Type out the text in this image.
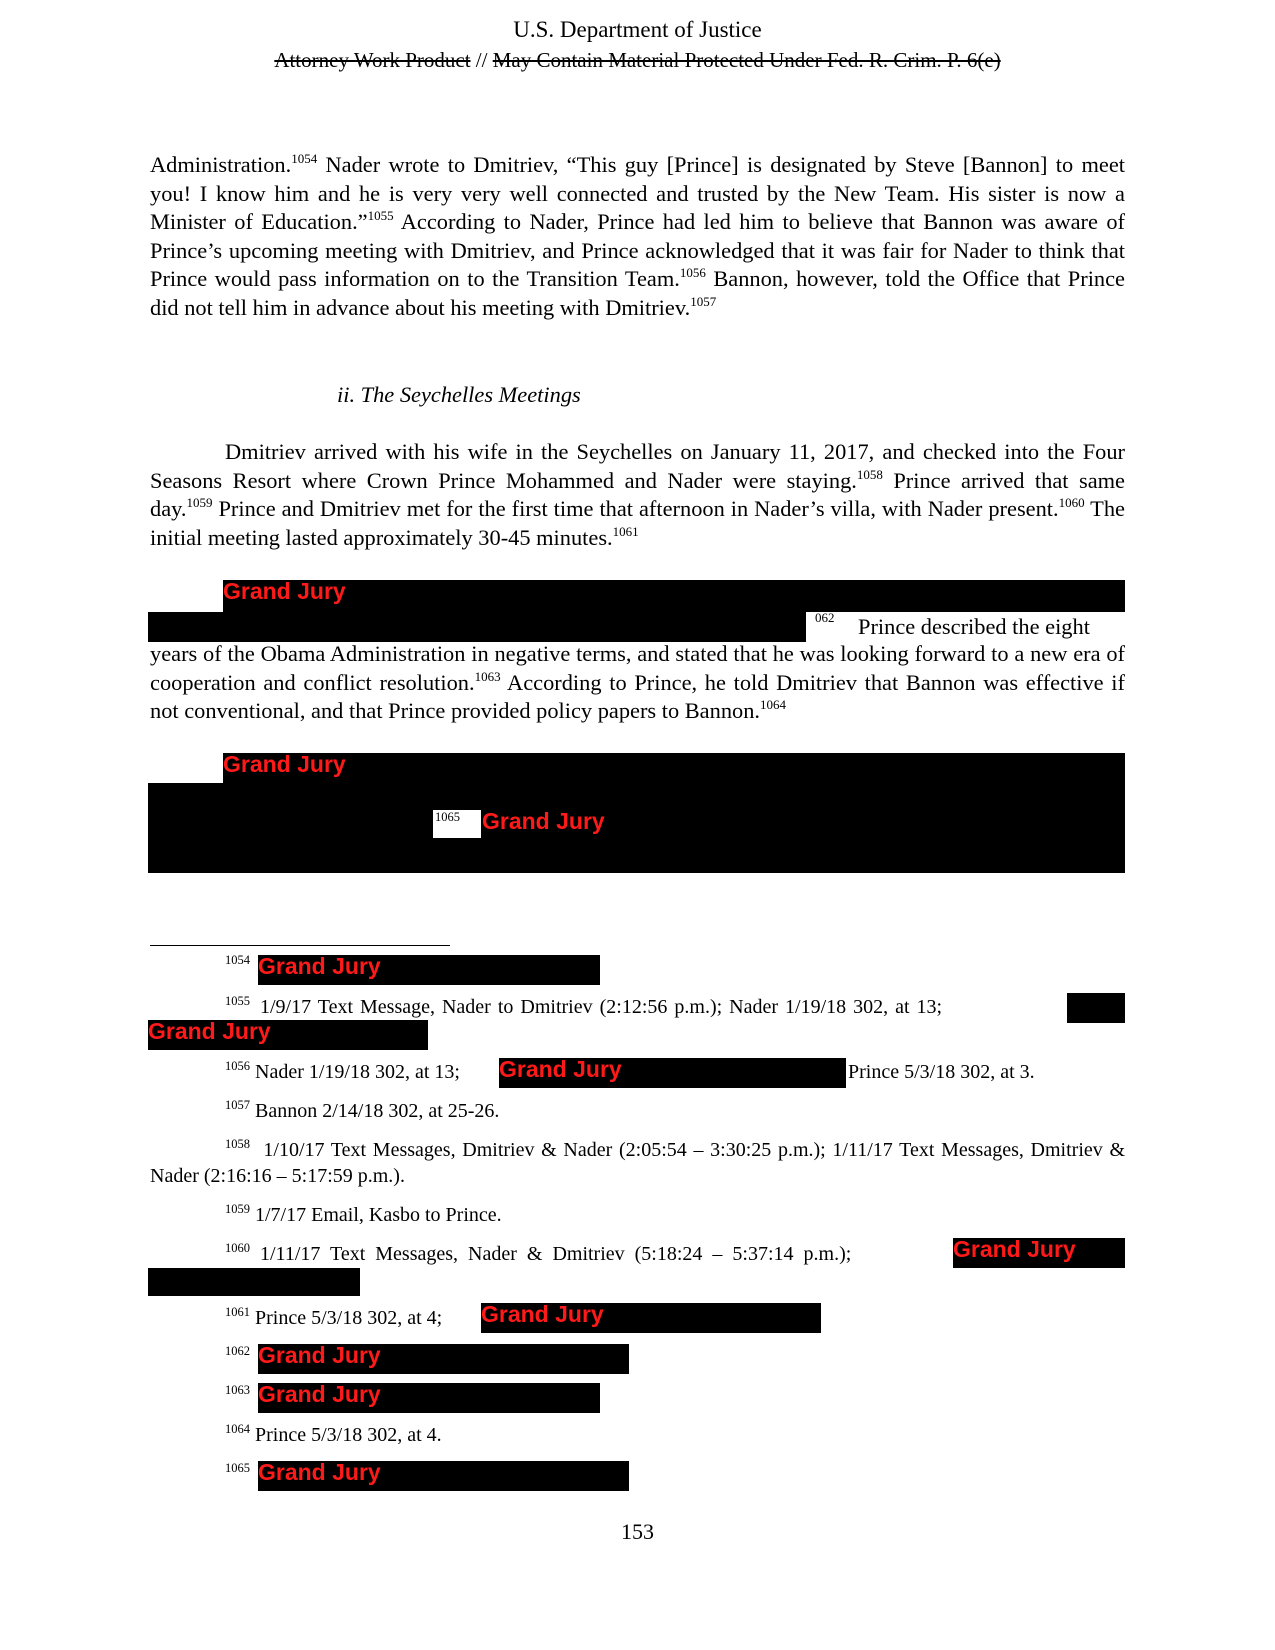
U.S. Department of Justice
Attorney Work Product // May Contain Material Protected Under Fed. R. Crim. P. 6(e)

Administration.$^{1054}$ Nader wrote to Dmitriev, “This guy [Prince] is designated by Steve [Bannon] to meet you! I know him and he is very very well connected and trusted by the New Team. His sister is now a Minister of Education.”$^{1055}$ According to Nader, Prince had led him to believe that Bannon was aware of Prince’s upcoming meeting with Dmitriev, and Prince acknowledged that it was fair for Nader to think that Prince would pass information on to the Transition Team.$^{1056}$ Bannon, however, told the Office that Prince did not tell him in advance about his meeting with Dmitriev.$^{1057}$

ii. The Seychelles Meetings

Dmitriev arrived with his wife in the Seychelles on January 11, 2017, and checked into the Four Seasons Resort where Crown Prince Mohammed and Nader were staying.$^{1058}$ Prince arrived that same day.$^{1059}$ Prince and Dmitriev met for the first time that afternoon in Nader’s villa, with Nader present.$^{1060}$ The initial meeting lasted approximately 30-45 minutes.$^{1061}$

Grand Jury
062 Prince described the eight

years of the Obama Administration in negative terms, and stated that he was looking forward to a new era of cooperation and conflict resolution.$^{1063}$ According to Prince, he told Dmitriev that Bannon was effective if not conventional, and that Prince provided policy papers to Bannon.$^{1064}$

Grand Jury
1065 Grand Jury
$^{1054}$ Grand Jury
$^{1055}$ 1/9/17 Text Message, Nader to Dmitriev (2:12:56 p.m.); Nader 1/19/18 302, at 13;
Grand Jury
$^{1056}$ Nader 1/19/18 302, at 13; Grand Jury	Prince 5/3/18 302, at 3.
$^{1057}$ Bannon 2/14/18 302, at 25-26.
$^{1058}$ 1/10/17 Text Messages, Dmitriev & Nader (2:05:54 – 3:30:25 p.m.); 1/11/17 Text Messages, Dmitriev & Nader (2:16:16 – 5:17:59 p.m.).
$^{1059}$ 1/7/17 Email, Kasbo to Prince.
$^{1060}$ 1/11/17 Text Messages, Nader & Dmitriev (5:18:24 – 5:37:14 p.m.);	Grand Jury
$^{1061}$ Prince 5/3/18 302, at 4; Grand Jury
$^{1062}$ Grand Jury
$^{1063}$ Grand Jury
$^{1064}$ Prince 5/3/18 302, at 4.
$^{1065}$ Grand Jury
153
